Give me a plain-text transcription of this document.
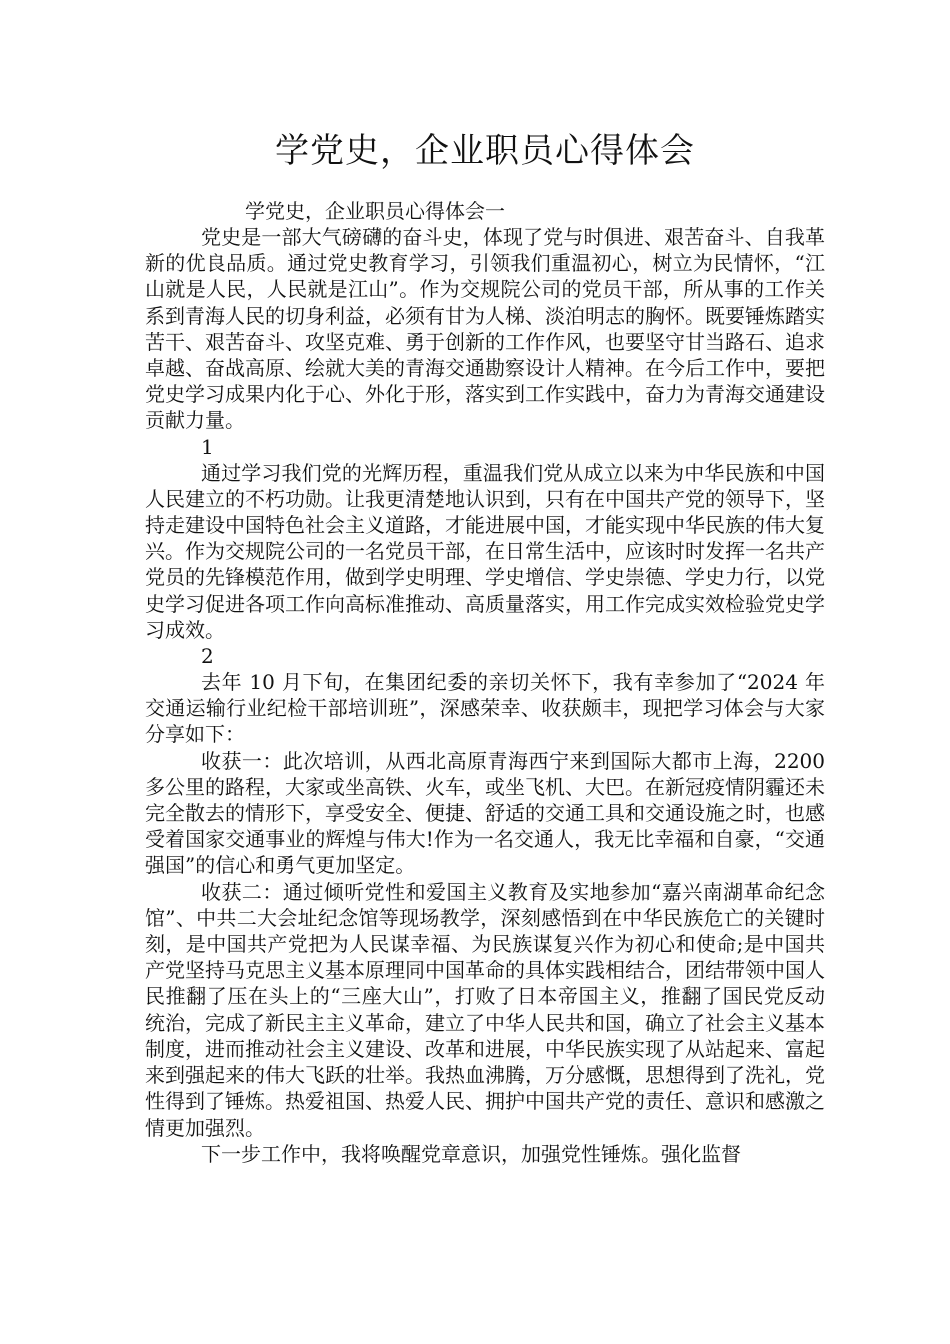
学党史，企业职员心得体会

学党史，企业职员心得体会一

党史是一部大气磅礴的奋斗史，体现了党与时俱进、艰苦奋斗、自我革新的优良品质。通过党史教育学习，引领我们重温初心，树立为民情怀，“江山就是人民，人民就是江山”。作为交规院公司的党员干部，所从事的工作关系到青海人民的切身利益，必须有甘为人梯、淡泊明志的胸怀。既要锤炼踏实苦干、艰苦奋斗、攻坚克难、勇于创新的工作作风，也要坚守甘当路石、追求卓越、奋战高原、绘就大美的青海交通勘察设计人精神。在今后工作中，要把党史学习成果内化于心、外化于形，落实到工作实践中，奋力为青海交通建设贡献力量。

1

通过学习我们党的光辉历程，重温我们党从成立以来为中华民族和中国人民建立的不朽功勋。让我更清楚地认识到，只有在中国共产党的领导下，坚持走建设中国特色社会主义道路，才能进展中国，才能实现中华民族的伟大复兴。作为交规院公司的一名党员干部，在日常生活中，应该时时发挥一名共产党员的先锋模范作用，做到学史明理、学史增信、学史崇德、学史力行，以党史学习促进各项工作向高标准推动、高质量落实，用工作完成实效检验党史学习成效。

2

去年 10 月下旬，在集团纪委的亲切关怀下，我有幸参加了“2024 年交通运输行业纪检干部培训班”，深感荣幸、收获颇丰，现把学习体会与大家分享如下：

收获一：此次培训，从西北高原青海西宁来到国际大都市上海，2200 多公里的路程，大家或坐高铁、火车，或坐飞机、大巴。在新冠疫情阴霾还未完全散去的情形下，享受安全、便捷、舒适的交通工具和交通设施之时，也感受着国家交通事业的辉煌与伟大!作为一名交通人，我无比幸福和自豪，“交通强国”的信心和勇气更加坚定。

收获二：通过倾听党性和爱国主义教育及实地参加“嘉兴南湖革命纪念馆”、中共二大会址纪念馆等现场教学，深刻感悟到在中华民族危亡的关键时刻，是中国共产党把为人民谋幸福、为民族谋复兴作为初心和使命;是中国共产党坚持马克思主义基本原理同中国革命的具体实践相结合，团结带领中国人民推翻了压在头上的“三座大山”，打败了日本帝国主义，推翻了国民党反动统治，完成了新民主主义革命，建立了中华人民共和国，确立了社会主义基本制度，进而推动社会主义建设、改革和进展，中华民族实现了从站起来、富起来到强起来的伟大飞跃的壮举。我热血沸腾，万分感慨，思想得到了洗礼，党性得到了锤炼。热爱祖国、热爱人民、拥护中国共产党的责任、意识和感激之情更加强烈。

下一步工作中，我将唤醒党章意识，加强党性锤炼。强化监督
